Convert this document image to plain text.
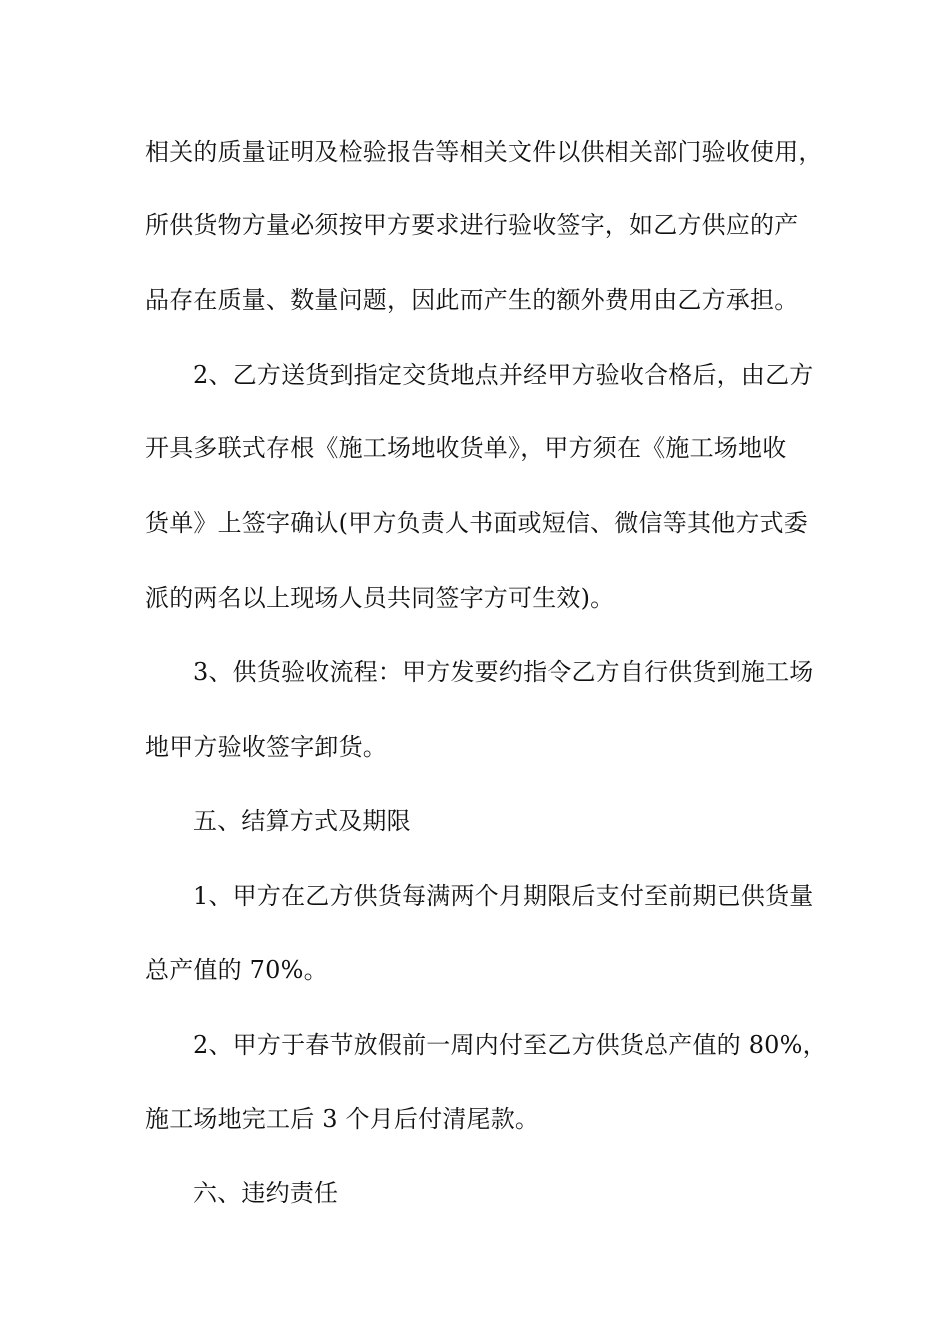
相关的质量证明及检验报告等相关文件以供相关部门验收使用，
所供货物方量必须按甲方要求进行验收签字，如乙方供应的产
品存在质量、数量问题，因此而产生的额外费用由乙方承担。
2、乙方送货到指定交货地点并经甲方验收合格后，由乙方
开具多联式存根《施工场地收货单》，甲方须在《施工场地收
货单》上签字确认(甲方负责人书面或短信、微信等其他方式委
派的两名以上现场人员共同签字方可生效)。
3、供货验收流程：甲方发要约指令乙方自行供货到施工场
地甲方验收签字卸货。
五、结算方式及期限
1、甲方在乙方供货每满两个月期限后支付至前期已供货量
总产值的 70%。
2、甲方于春节放假前一周内付至乙方供货总产值的 80%，
施工场地完工后 3 个月后付清尾款。
六、违约责任
